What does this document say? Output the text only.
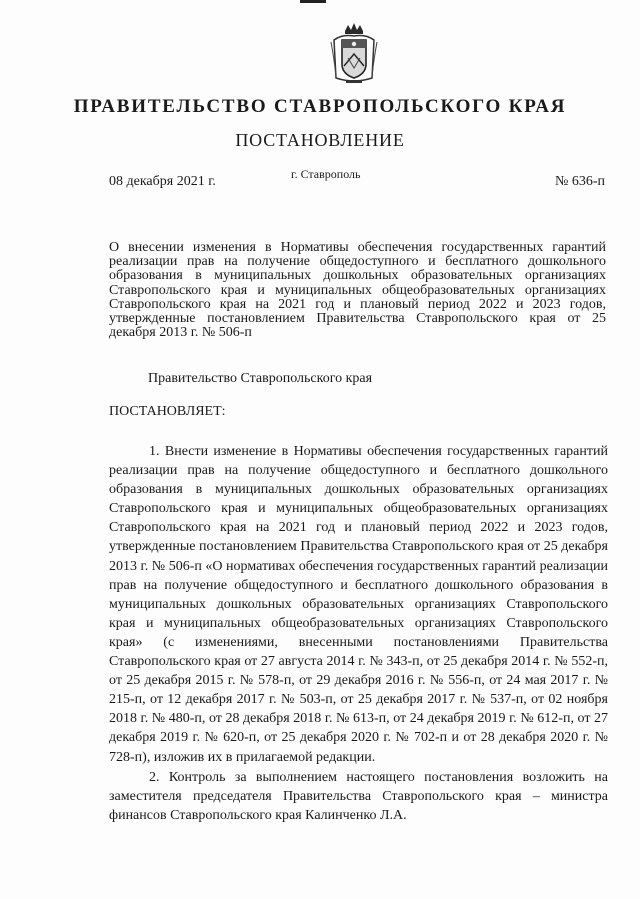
ПРАВИТЕЛЬСТВО СТАВРОПОЛЬСКОГО КРАЯ
ПОСТАНОВЛЕНИЕ
08 декабря 2021 г.	г. Ставрополь	№ 636-п
О внесении изменения в Нормативы обеспечения государственных гарантий реализации прав на получение общедоступного и бесплатного дошкольного образования в муниципальных дошкольных образовательных организациях Ставропольского края и муниципальных общеобразовательных организациях Ставропольского края на 2021 год и плановый период 2022 и 2023 годов, утвержденные постановлением Правительства Ставропольского края от 25 декабря 2013 г. № 506-п
Правительство Ставропольского края
ПОСТАНОВЛЯЕТ:
1. Внести изменение в Нормативы обеспечения государственных гарантий реализации прав на получение общедоступного и бесплатного дошкольного образования в муниципальных дошкольных образовательных организациях Ставропольского края и муниципальных общеобразовательных организациях Ставропольского края на 2021 год и плановый период 2022 и 2023 годов, утвержденные постановлением Правительства Ставропольского края от 25 декабря 2013 г. № 506-п «О нормативах обеспечения государственных гарантий реализации прав на получение общедоступного и бесплатного дошкольного образования в муниципальных дошкольных образовательных организациях Ставропольского края и муниципальных общеобразовательных организациях Ставропольского края» (с изменениями, внесенными постановлениями Правительства Ставропольского края от 27 августа 2014 г. № 343-п, от 25 декабря 2014 г. № 552-п, от 25 декабря 2015 г. № 578-п, от 29 декабря 2016 г. № 556-п, от 24 мая 2017 г. № 215-п, от 12 декабря 2017 г. № 503-п, от 25 декабря 2017 г. № 537-п, от 02 ноября 2018 г. № 480-п, от 28 декабря 2018 г. № 613-п, от 24 декабря 2019 г. № 612-п, от 27 декабря 2019 г. № 620-п, от 25 декабря 2020 г. № 702-п и от 28 декабря 2020 г. № 728-п), изложив их в прилагаемой редакции.
2. Контроль за выполнением настоящего постановления возложить на заместителя председателя Правительства Ставропольского края – министра финансов Ставропольского края Калинченко Л.А.
